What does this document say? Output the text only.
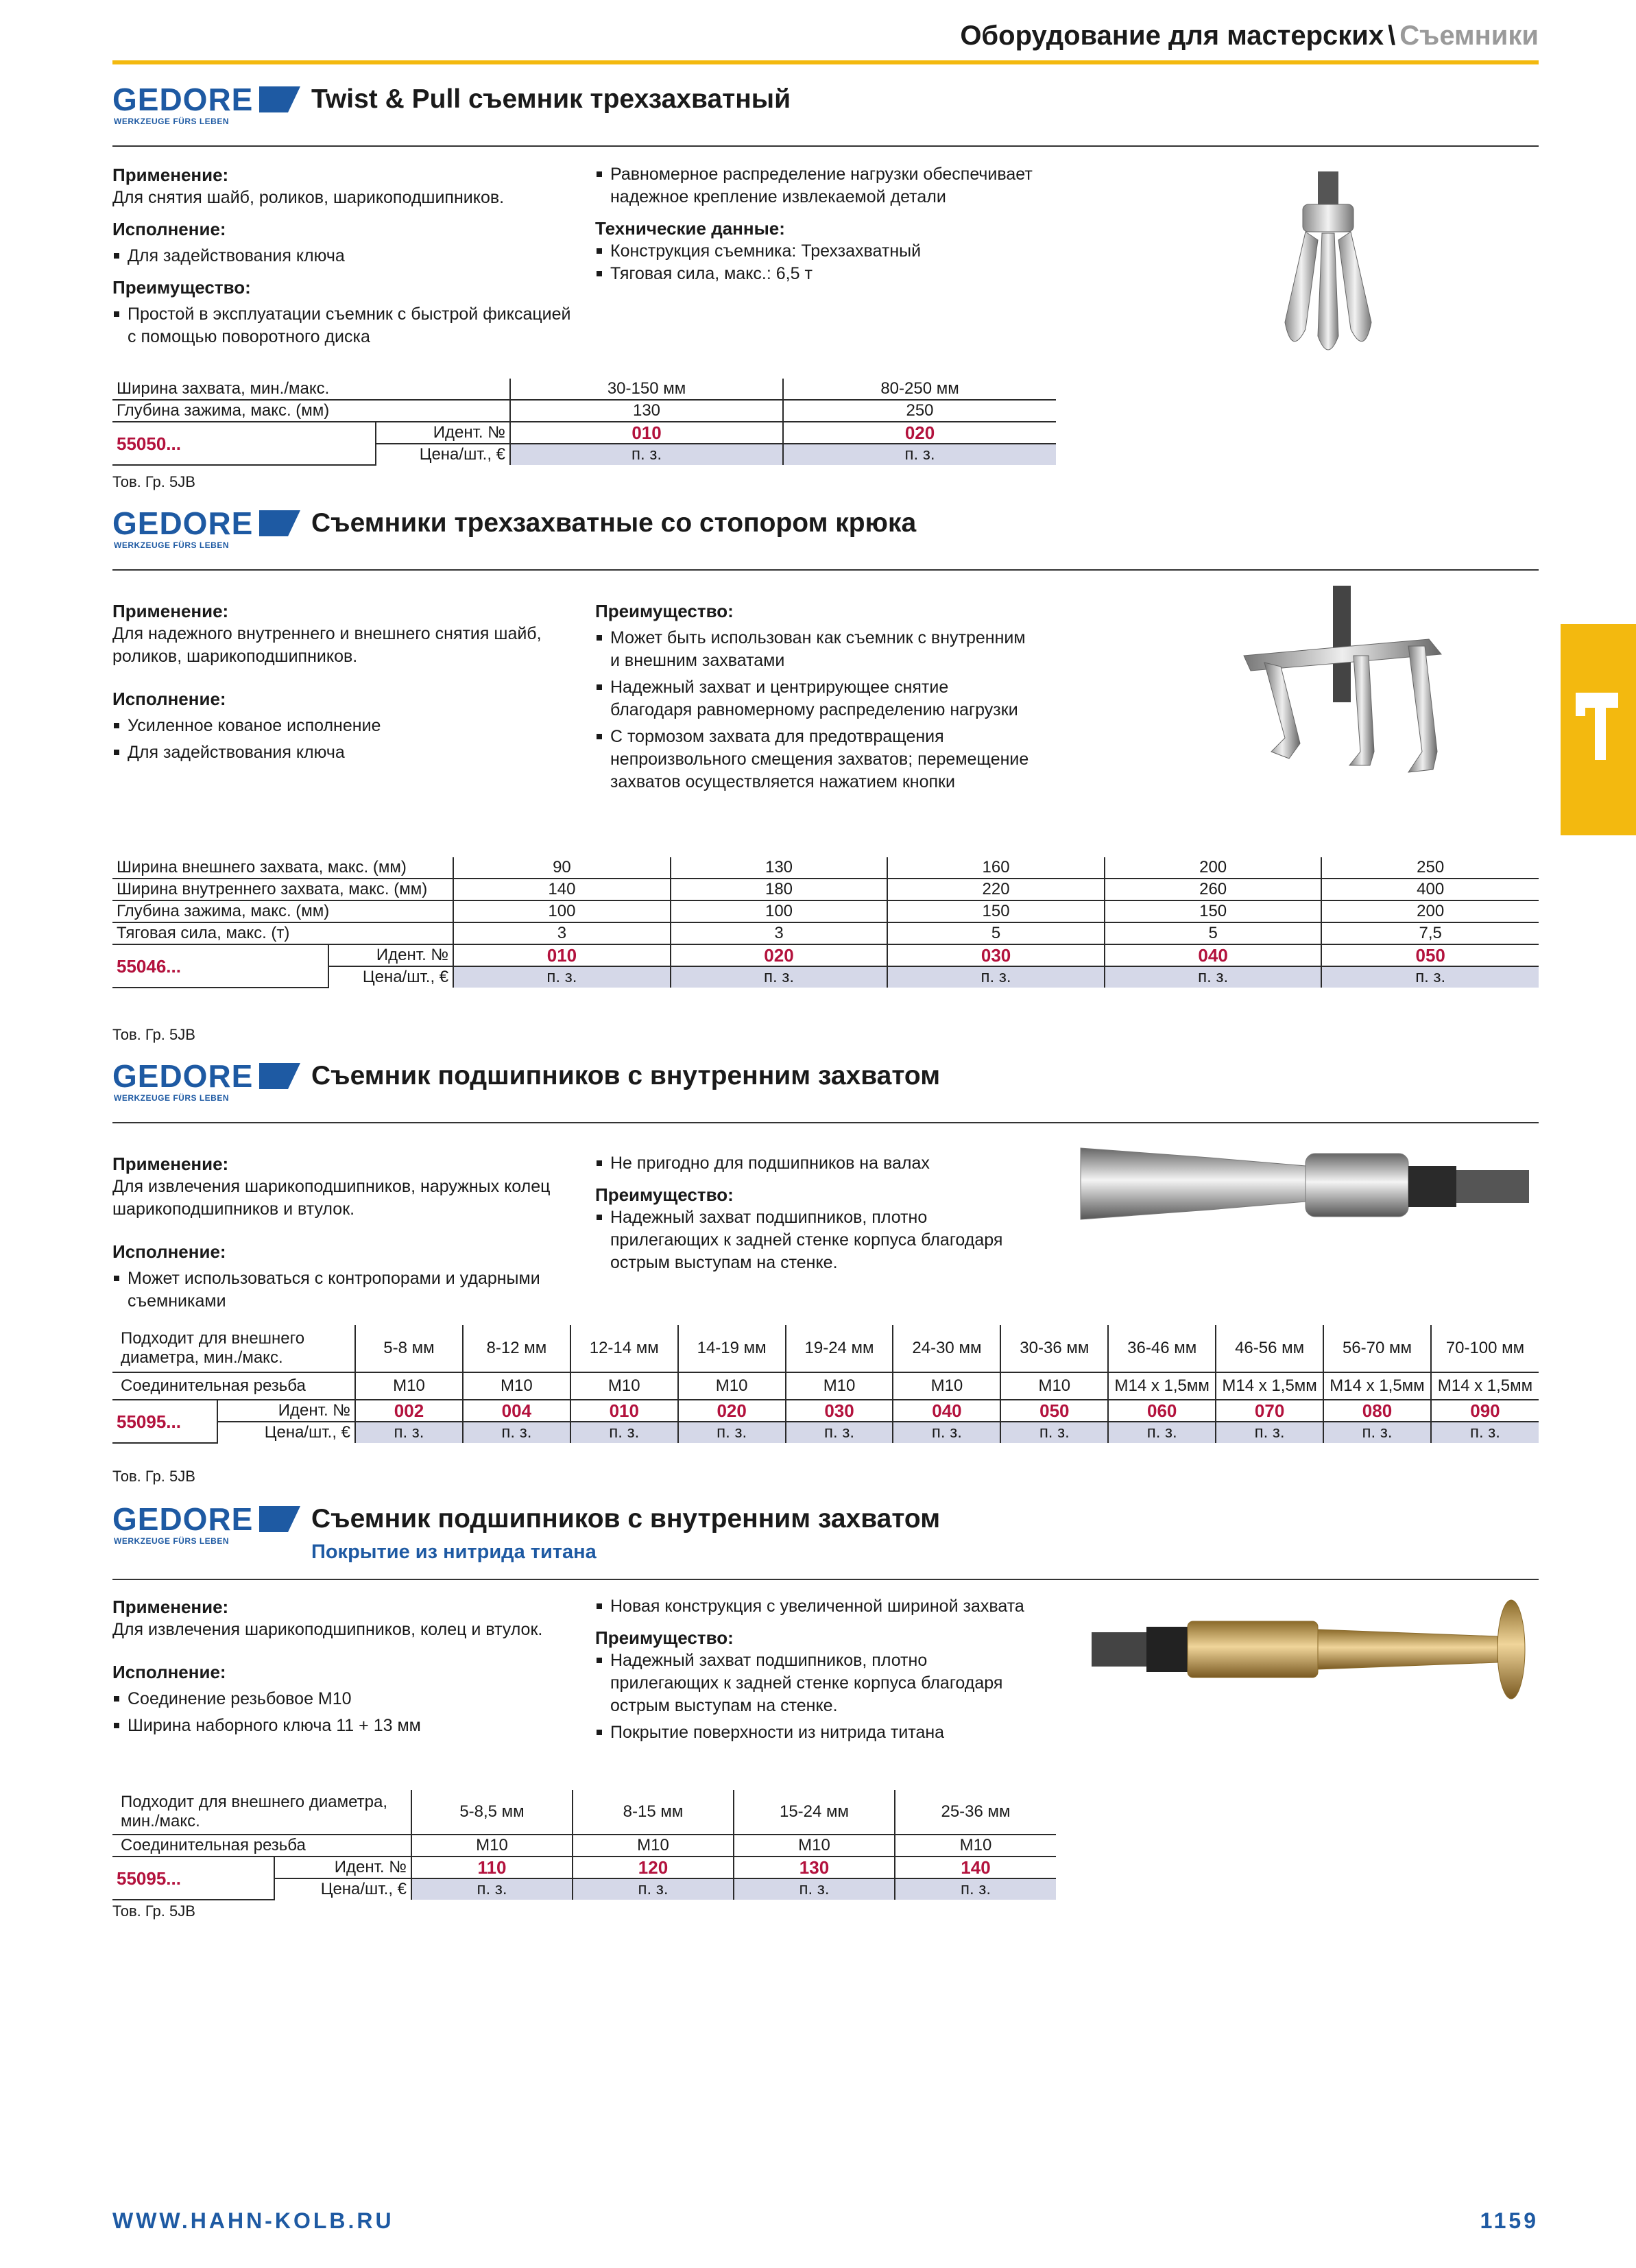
Оборудование для мастерских \ Съемники
GEDORE
WERKZEUGE FÜRS LEBEN
Twist & Pull съемник трехзахватный
Применение:

Для снятия шайб, роликов, шарикоподшипников.

Исполнение:
Для задействования ключа
Преимущество:
Простой в эксплуатации съемник с быстрой фиксацией с помощью поворотного диска
Равномерное распределение нагрузки обеспечивает надежное крепление извлекаемой детали
Технические данные:
Конструкция съемника: Трехзахватный
Тяговая сила, макс.: 6,5 т
Ширина захвата, мин./макс.		30-150 мм	80-250 мм
Глубина зажима, макс. (мм)		130	250
55050...	Идент. №	010	020
	Цена/шт., €	п. з.	п. з.
Тов. Гр. 5JB
GEDORE
WERKZEUGE FÜRS LEBEN
Съемники трехзахватные со стопором крюка
Применение:

Для надежного внутреннего и внешнего снятия шайб, роликов, шарикоподшипников.

Исполнение:
Усиленное кованое исполнение
Для задействования ключа
Преимущество:
Может быть использован как съемник с внутренним и внешним захватами
Надежный захват и центрирующее снятие благодаря равномерному распределению нагрузки
С тормозом захвата для предотвращения непроизвольного смещения захватов; перемещение захватов осуществляется нажатием кнопки
Ширина внешнего захвата, макс. (мм)		90	130	160	200	250
Ширина внутреннего захвата, макс. (мм)		140	180	220	260	400
Глубина зажима, макс. (мм)		100	100	150	150	200
Тяговая сила, макс. (т)		3	3	5	5	7,5
55046...	Идент. №	010	020	030	040	050
	Цена/шт., €	п. з.	п. з.	п. з.	п. з.	п. з.
Тов. Гр. 5JB
GEDORE
WERKZEUGE FÜRS LEBEN
Съемник подшипников с внутренним захватом
Применение:

Для извлечения шарикоподшипников, наружных колец шарикоподшипников и втулок.

Исполнение:
Может использоваться с контропорами и ударными съемниками
Не пригодно для подшипников на валах
Преимущество:
Надежный захват подшипников, плотно прилегающих к задней стенке корпуса благодаря острым выступам на стенке.
Подходит для внешнего диаметра, мин./макс.		5-8 мм	8-12 мм	12-14 мм	14-19 мм	19-24 мм	24-30 мм	30-36 мм	36-46 мм	46-56 мм	56-70 мм	70-100 мм
Соединительная резьба		M10	M10	M10	M10	M10	M10	M10	M14 x 1,5мм	M14 x 1,5мм	M14 x 1,5мм	M14 x 1,5мм
55095...	Идент. №	002	004	010	020	030	040	050	060	070	080	090
	Цена/шт., €	п. з.	п. з.	п. з.	п. з.	п. з.	п. з.	п. з.	п. з.	п. з.	п. з.	п. з.
Тов. Гр. 5JB
GEDORE
WERKZEUGE FÜRS LEBEN
Съемник подшипников с внутренним захватом
Покрытие из нитрида титана
Применение:

Для извлечения шарикоподшипников, колец и втулок.

Исполнение:
Соединение резьбовое M10
Ширина наборного ключа 11 + 13 мм
Новая конструкция с увеличенной шириной захвата
Преимущество:
Надежный захват подшипников, плотно прилегающих к задней стенке корпуса благодаря острым выступам на стенке.
Покрытие поверхности из нитрида титана
Подходит для внешнего диаметра, мин./макс.		5-8,5 мм	8-15 мм	15-24 мм	25-36 мм
Соединительная резьба		M10	M10	M10	M10
55095...	Идент. №	110	120	130	140
	Цена/шт., €	п. з.	п. з.	п. з.	п. з.
Тов. Гр. 5JB
WWW.HAHN-KOLB.RU	1159
